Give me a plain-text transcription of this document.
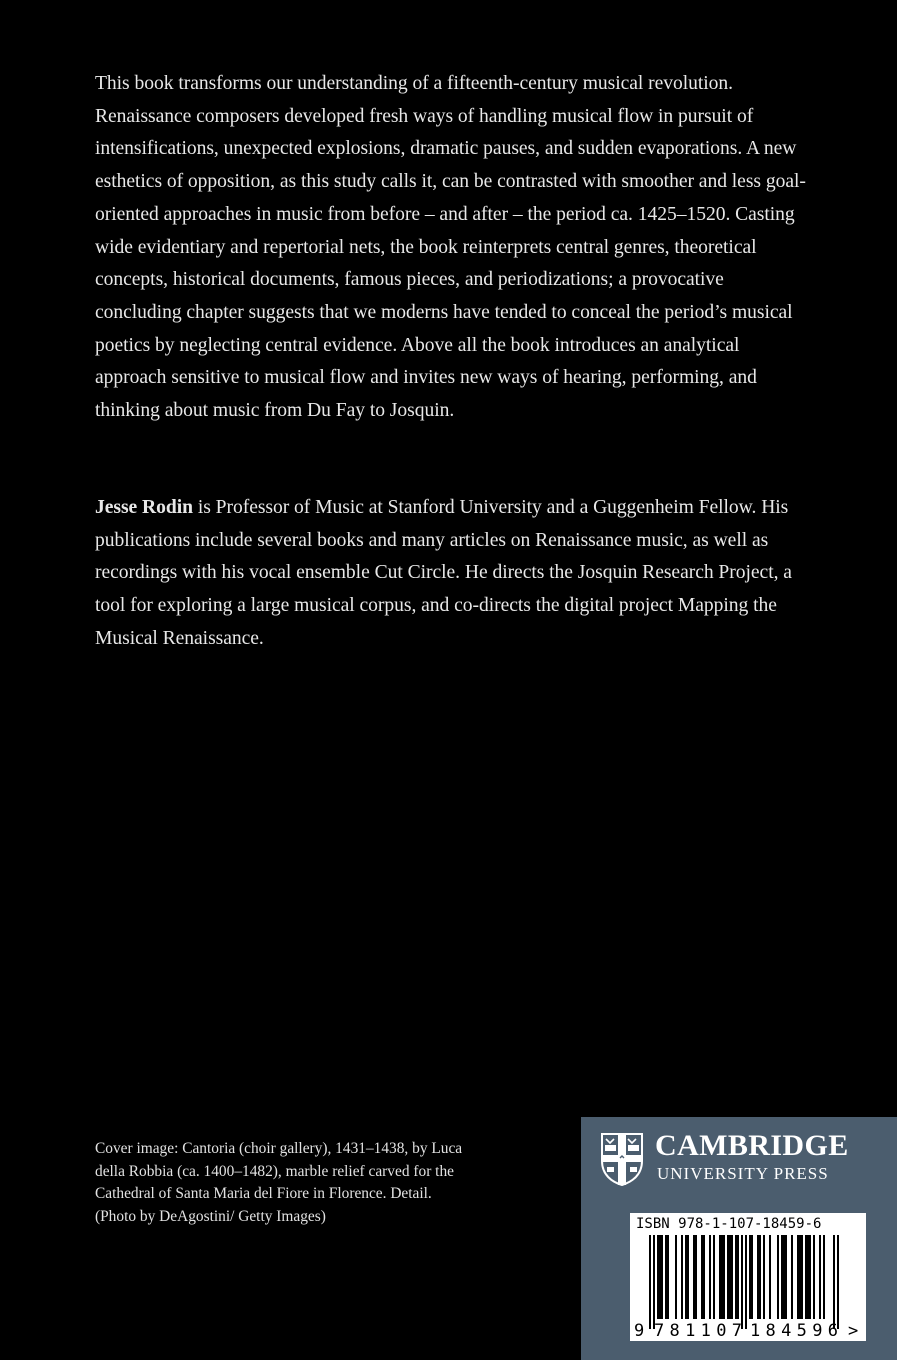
This book transforms our understanding of a fifteenth-century musical revolution. Renaissance composers developed fresh ways of handling musical flow in pursuit of intensifications, unexpected explosions, dramatic pauses, and sudden evaporations. A new esthetics of opposition, as this study calls it, can be contrasted with smoother and less goal-oriented approaches in music from before – and after – the period ca. 1425–1520. Casting wide evidentiary and repertorial nets, the book reinterprets central genres, theoretical concepts, historical documents, famous pieces, and periodizations; a provocative concluding chapter suggests that we moderns have tended to conceal the period’s musical poetics by neglecting central evidence. Above all the book introduces an analytical approach sensitive to musical flow and invites new ways of hearing, performing, and thinking about music from Du Fay to Josquin.

Jesse Rodin is Professor of Music at Stanford University and a Guggenheim Fellow. His publications include several books and many articles on Renaissance music, as well as recordings with his vocal ensemble Cut Circle. He directs the Josquin Research Project, a tool for exploring a large musical corpus, and co-directs the digital project Mapping the Musical Renaissance.

Cover image: Cantoria (choir gallery), 1431–1438, by Luca della Robbia (ca. 1400–1482), marble relief carved for the Cathedral of Santa Maria del Fiore in Florence. Detail. (Photo by DeAgostini/ Getty Images)

CAMBRIDGE

UNIVERSITY PRESS

9 781107 184596 >
ISBN 978-1-107-18459-6
